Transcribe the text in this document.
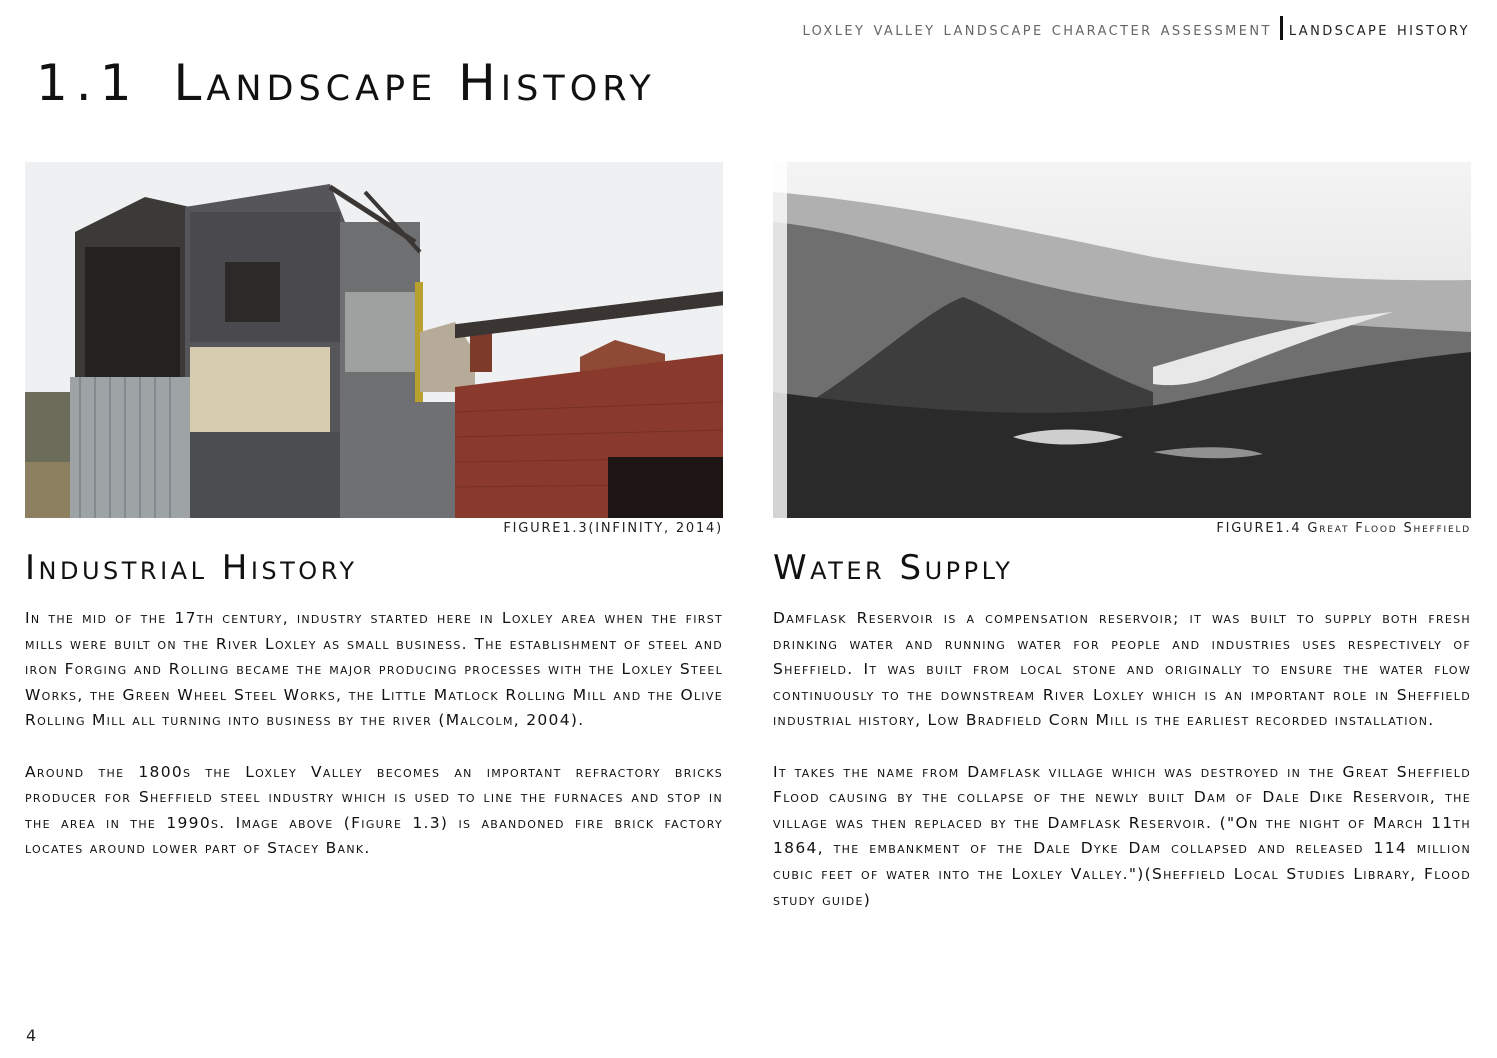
loxley valley landscape character assessment landscape history
1.1 Landscape History
FIGURE1.3(INFINITY, 2014)
Industrial History

In the mid of the 17th century, industry started here in Loxley area when the first mills were built on the River Loxley as small business. The establishment of steel and iron Forging and Rolling became the major producing processes with the Loxley Steel Works, the Green Wheel Steel Works, the Little Matlock Rolling Mill and the Olive Rolling Mill all turning into business by the river (Malcolm, 2004).

Around the 1800s the Loxley Valley becomes an important refractory bricks producer for Sheffield steel industry which is used to line the furnaces and stop in the area in the 1990s. Image above (Figure 1.3) is abandoned fire brick factory locates around lower part of Stacey Bank.

FIGURE1.4 Great Flood Sheffield
Water Supply

Damflask Reservoir is a compensation reservoir; it was built to supply both fresh drinking water and running water for people and industries uses respectively of Sheffield. It was built from local stone and originally to ensure the water flow continuously to the downstream River Loxley which is an important role in Sheffield industrial history, Low Bradfield Corn Mill is the earliest recorded installation.

It takes the name from Damflask village which was destroyed in the Great Sheffield Flood causing by the collapse of the newly built Dam of Dale Dike Reservoir, the village was then replaced by the Damflask Reservoir. ("On the night of March 11th 1864, the embankment of the Dale Dyke Dam collapsed and released 114 million cubic feet of water into the Loxley Valley.")(Sheffield Local Studies Library, Flood study guide)

4
